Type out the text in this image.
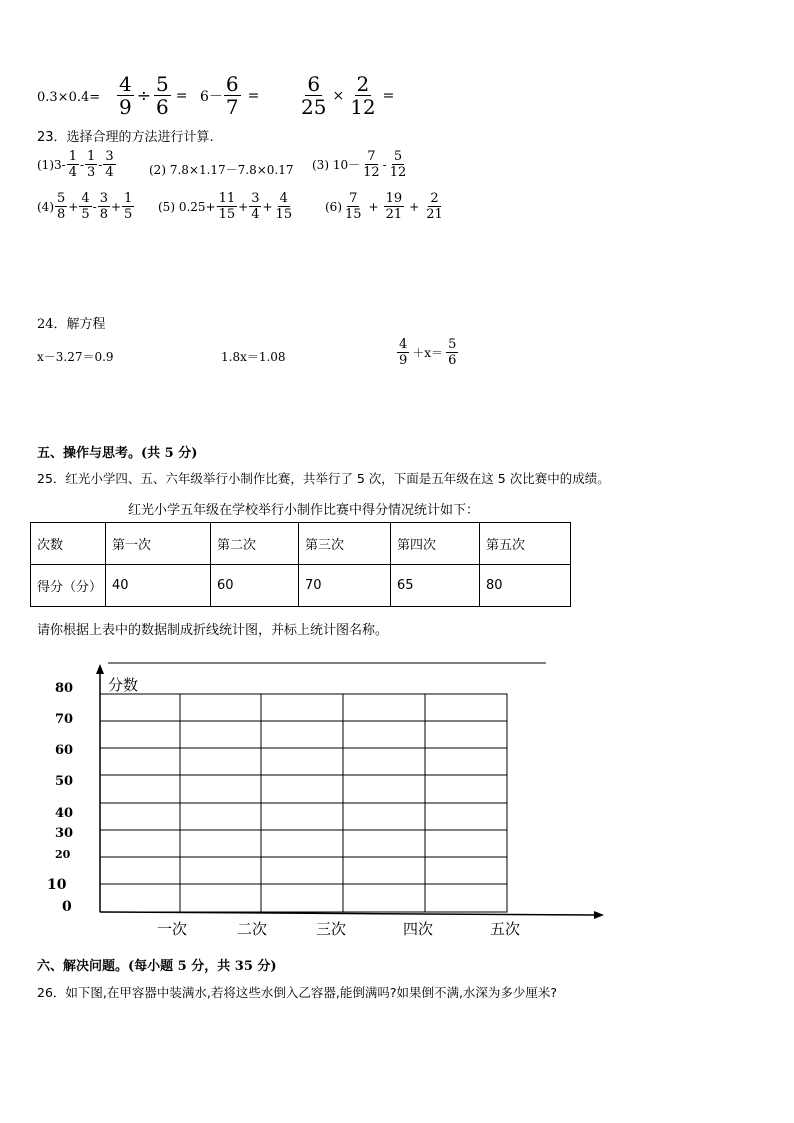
$0.3\times 0.4= \frac{4}{9} \div \frac{5}{6} = 6- \frac{6}{7} = \frac{6}{25} \times \frac{2}{12}$ =
23．选择合理的方法进行计算.
$(1)3- \frac{1}{4} - \frac{1}{3} - \frac{3}{4}$	(2) 7.8×1.17－7.8×0.17 (3) $10- \frac{7}{12} - \frac{5}{12}$
$(4) \frac{5}{8} + \frac{4}{5} - \frac{3}{8} + \frac{1}{5} (5)$ $0.25+ \frac{11}{15} + \frac{3}{4} + \frac{4}{15}$	$(6) \frac{7}{15} + \frac{19}{21} + \frac{2}{21}$
24．解方程
x－3.27＝0.9	1.8x＝1.08	$\frac{4}{9} +x= \frac{5}{6}$
五、操作与思考。(共 5 分)
25．红光小学四、五、六年级举行小制作比赛，共举行了 5 次，下面是五年级在这 5 次比赛中的成绩。
红光小学五年级在学校举行小制作比赛中得分情况统计如下：
次数	第一次	第二次	第三次	第四次	第五次
得分（分）	40	60	70	65	80
请你根据上表中的数据制成折线统计图，并标上统计图名称。
分数
80
70
60
50
40
30
20
10
0
一次	二次	三次	四次	五次
六、解决问题。(每小题 5 分，共 35 分)
26．如下图,在甲容器中装满水,若将这些水倒入乙容器,能倒满吗?如果倒不满,水深为多少厘米?
